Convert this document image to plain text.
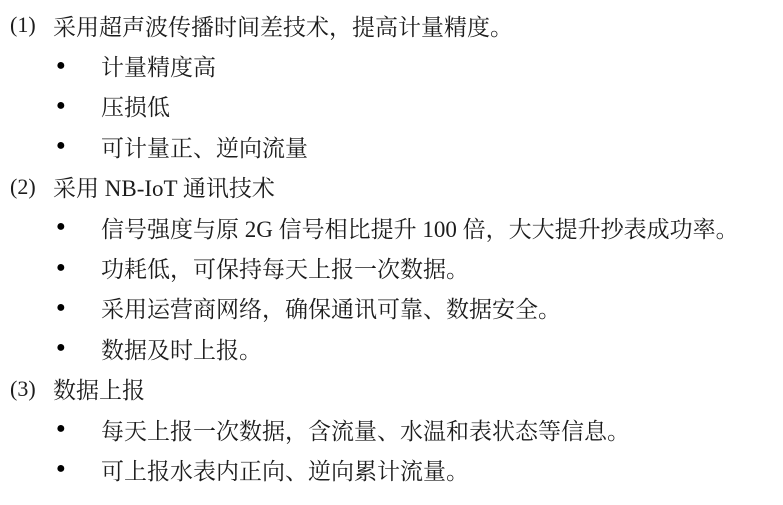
(1) 采用超声波传播时间差技术，提高计量精度。
●	计量精度高
●	压损低
●	可计量正、逆向流量
(2) 采用 NB-IoT 通讯技术
●	信号强度与原 2G 信号相比提升 100 倍，大大提升抄表成功率。
●	功耗低，可保持每天上报一次数据。
●	采用运营商网络，确保通讯可靠、数据安全。
●	数据及时上报。
(3) 数据上报
●	每天上报一次数据，含流量、水温和表状态等信息。
●	可上报水表内正向、逆向累计流量。
